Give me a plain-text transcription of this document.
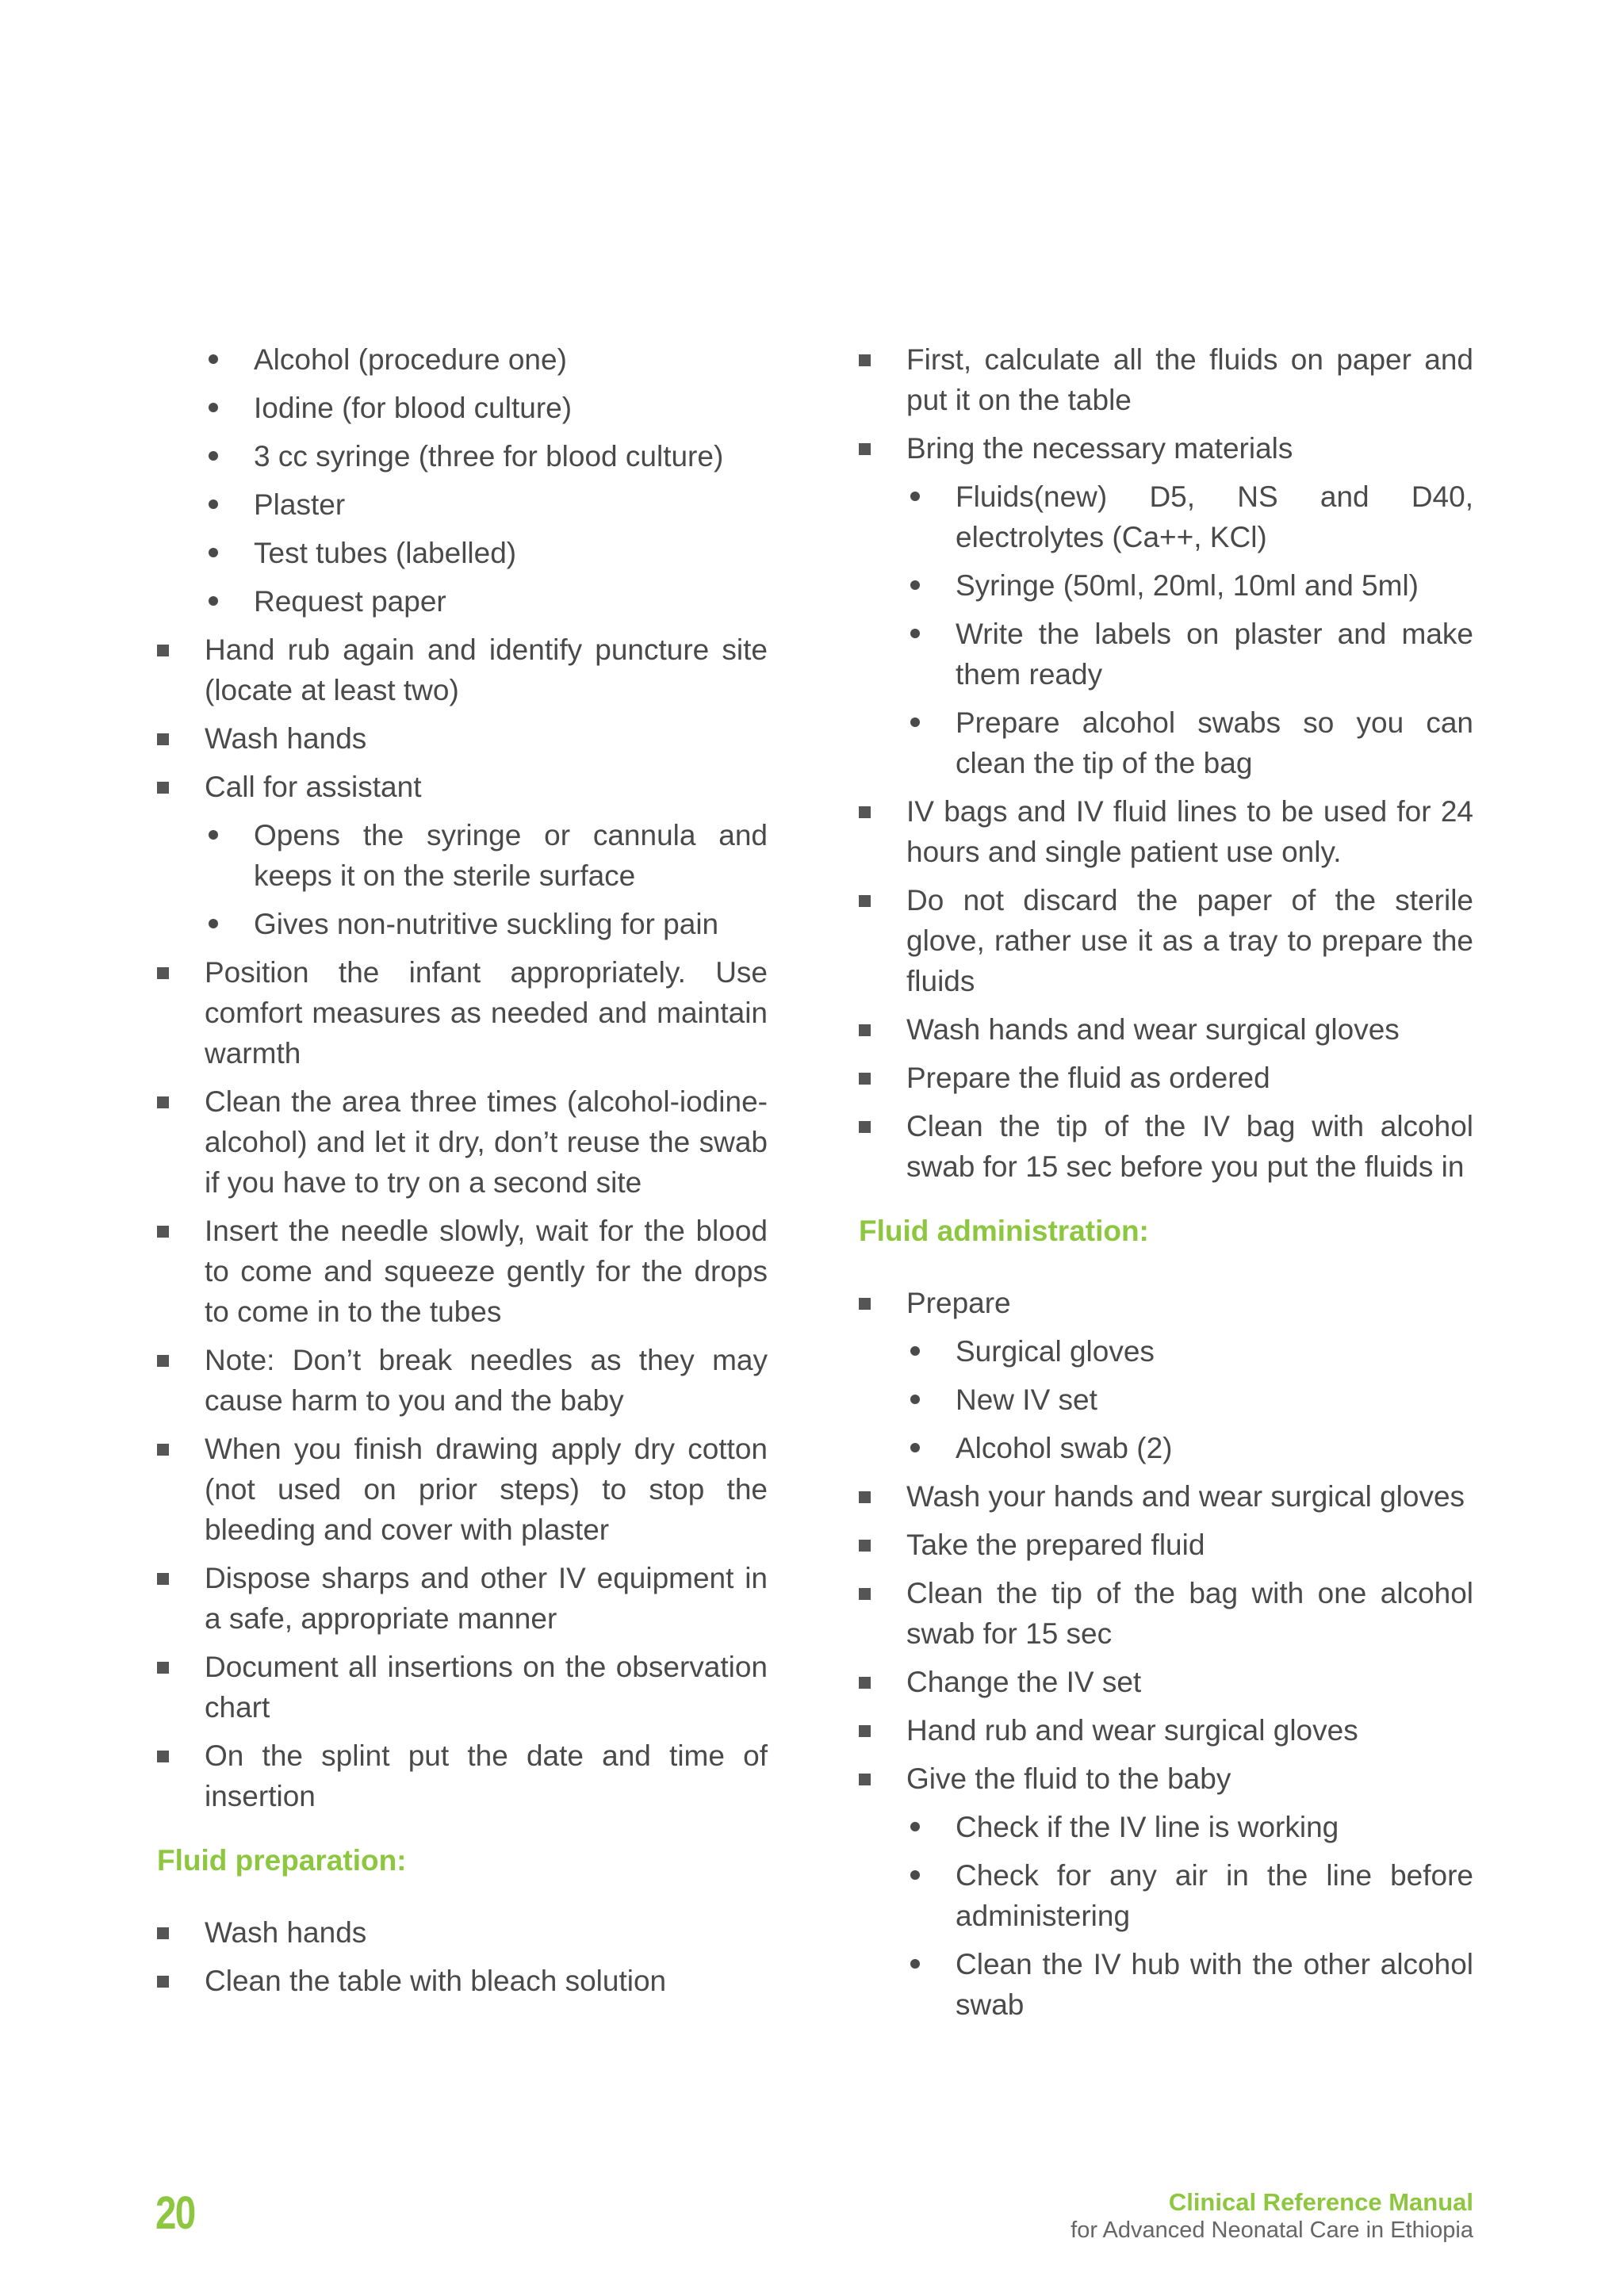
Alcohol (procedure one)
Iodine (for blood culture)
3 cc syringe (three for blood culture)
Plaster
Test tubes (labelled)
Request paper
Hand rub again and identify puncture site (locate at least two)
Wash hands
Call for assistant
Opens the syringe or cannula and keeps it on the sterile surface
Gives non-nutritive suckling for pain
Position the infant appropriately. Use comfort measures as needed and maintain warmth
Clean the area three times (alcohol-iodine-alcohol) and let it dry, don’t reuse the swab if you have to try on a second site
Insert the needle slowly, wait for the blood to come and squeeze gently for the drops to come in to the tubes
Note: Don’t break needles as they may cause harm to you and the baby
When you finish drawing apply dry cotton (not used on prior steps) to stop the bleeding and cover with plaster
Dispose sharps and other IV equipment in a safe, appropriate manner
Document all insertions on the observation chart
On the splint put the date and time of insertion
Fluid preparation:
Wash hands
Clean the table with bleach solution
First, calculate all the fluids on paper and put it on the table
Bring the necessary materials
Fluids(new) D5, NS and D40, electrolytes (Ca++, KCl)
Syringe (50ml, 20ml, 10ml and 5ml)
Write the labels on plaster and make them ready
Prepare alcohol swabs so you can clean the tip of the bag
IV bags and IV fluid lines to be used for 24 hours and single patient use only.
Do not discard the paper of the sterile glove, rather use it as a tray to prepare the fluids
Wash hands and wear surgical gloves
Prepare the fluid as ordered
Clean the tip of the IV bag with alcohol swab for 15 sec before you put the fluids in
Fluid administration:
Prepare
Surgical gloves
New IV set
Alcohol swab (2)
Wash your hands and wear surgical gloves
Take the prepared fluid
Clean the tip of the bag with one alcohol swab for 15 sec
Change the IV set
Hand rub and wear surgical gloves
Give the fluid to the baby
Check if the IV line is working
Check for any air in the line before administering
Clean the IV hub with the other alcohol swab
20	Clinical Reference Manual
for Advanced Neonatal Care in Ethiopia
